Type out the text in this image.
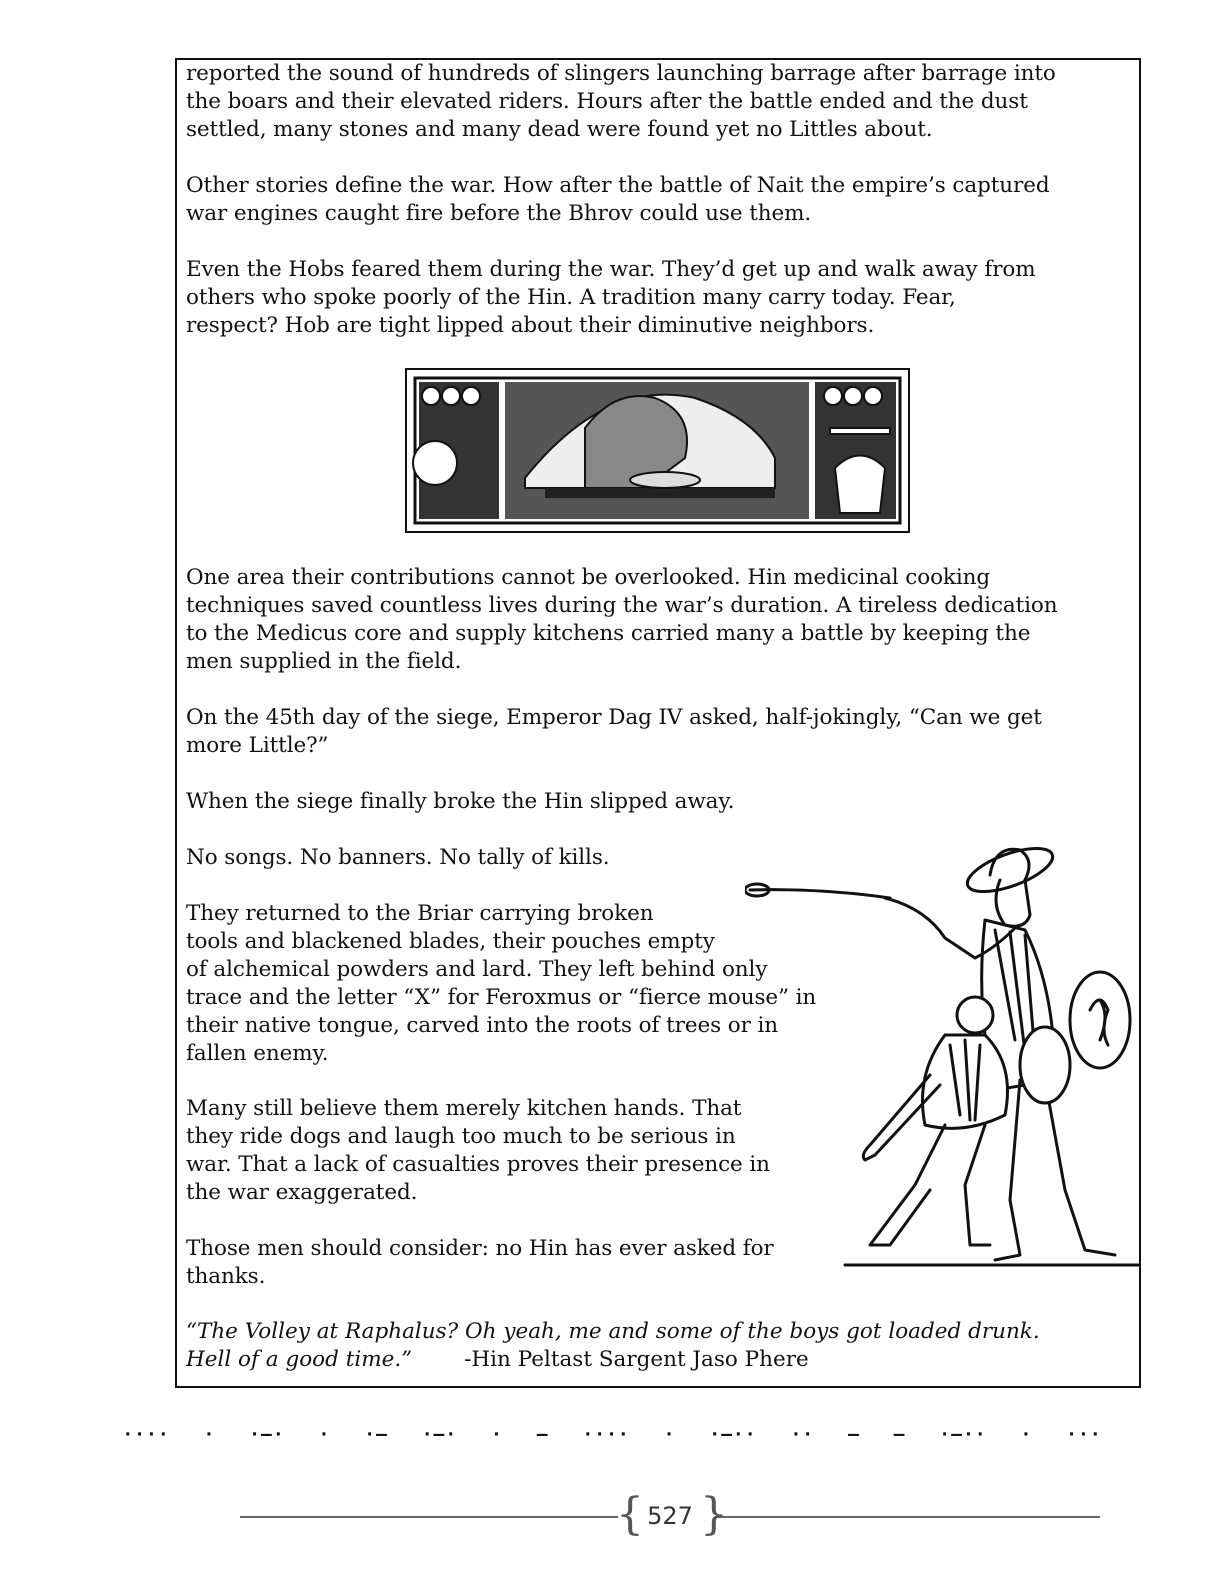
reported the sound of hundreds of slingers launching barrage after barrage into
the boars and their elevated riders. Hours after the battle ended and the dust
settled, many stones and many dead were found yet no Littles about.

Other stories define the war. How after the battle of Nait the empire’s captured
war engines caught fire before the Bhrov could use them.

Even the Hobs feared them during the war. They’d get up and walk away from
others who spoke poorly of the Hin. A tradition many carry today. Fear,
respect? Hob are tight lipped about their diminutive neighbors.

One area their contributions cannot be overlooked. Hin medicinal cooking
techniques saved countless lives during the war’s duration. A tireless dedication
to the Medicus core and supply kitchens carried many a battle by keeping the
men supplied in the field.

On the 45th day of the siege, Emperor Dag IV asked, half-jokingly, “Can we get
more Little?”

When the siege finally broke the Hin slipped away.

No songs. No banners. No tally of kills.

They returned to the Briar carrying broken
tools and blackened blades, their pouches empty
of alchemical powders and lard. They left behind only
trace and the letter “X” for Feroxmus or “fierce mouse” in
their native tongue, carved into the roots of trees or in
fallen enemy.

Many still believe them merely kitchen hands. That
they ride dogs and laugh too much to be serious in
war. That a lack of casualties proves their presence in
the war exaggerated.

Those men should consider: no Hin has ever asked for
thanks.

“The Volley at Raphalus? Oh yeah, me and some of the boys got loaded drunk.
Hell of a good time.” -Hin Peltast Sargent Jaso Phere
···· · ·–· · ·– ·–· · – ···· · ·–·· ·· – – ·–·· · ···
{ }
527
